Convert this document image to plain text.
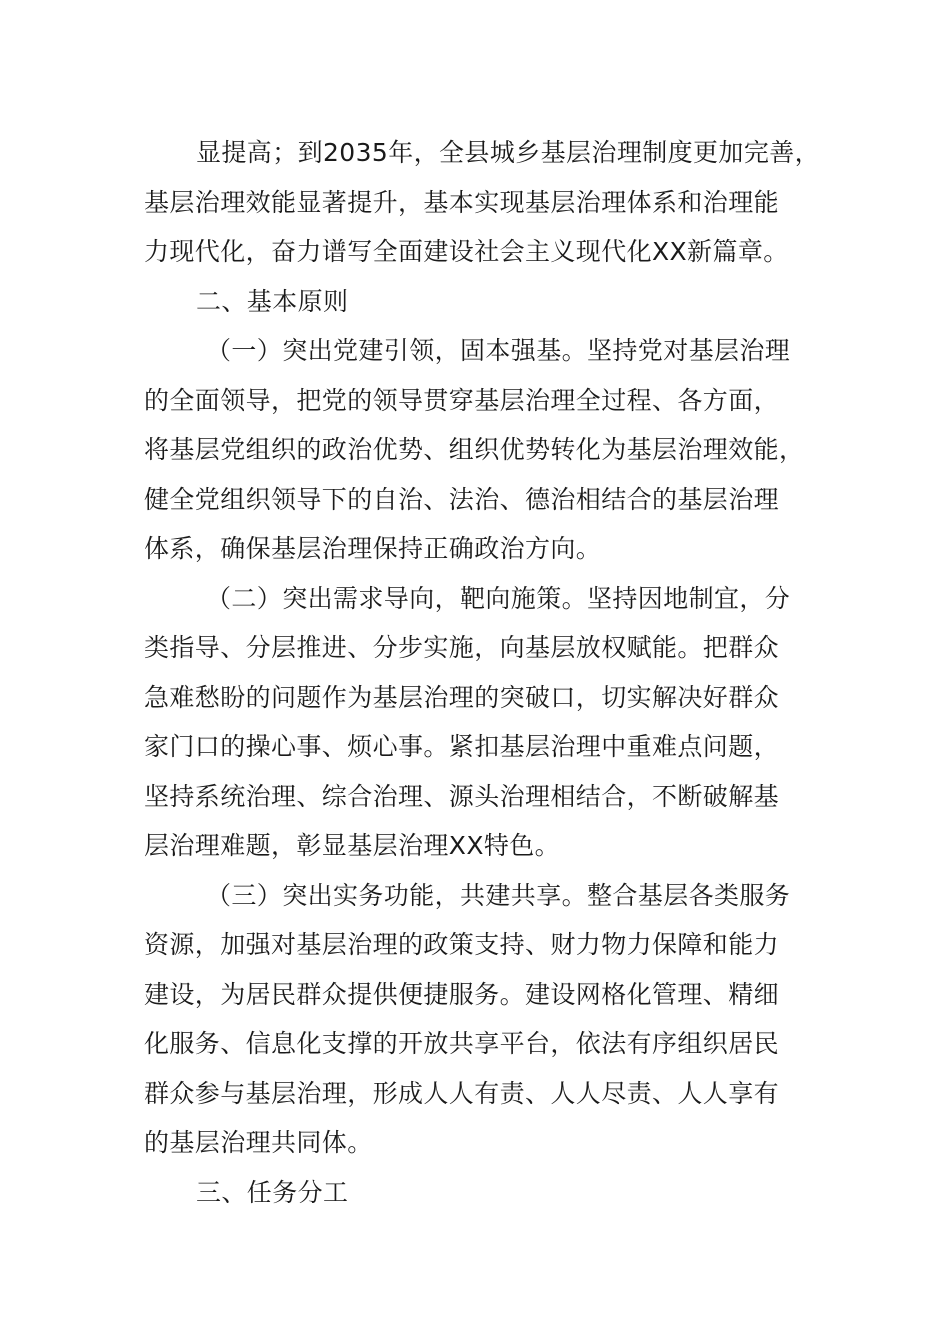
显提高；到2035年，全县城乡基层治理制度更加完善，
基层治理效能显著提升，基本实现基层治理体系和治理能
力现代化，奋力谱写全面建设社会主义现代化XX新篇章。
二、基本原则
（一）突出党建引领，固本强基。坚持党对基层治理
的全面领导，把党的领导贯穿基层治理全过程、各方面，
将基层党组织的政治优势、组织优势转化为基层治理效能，
健全党组织领导下的自治、法治、德治相结合的基层治理
体系，确保基层治理保持正确政治方向。
（二）突出需求导向，靶向施策。坚持因地制宜，分
类指导、分层推进、分步实施，向基层放权赋能。把群众
急难愁盼的问题作为基层治理的突破口，切实解决好群众
家门口的操心事、烦心事。紧扣基层治理中重难点问题，
坚持系统治理、综合治理、源头治理相结合，不断破解基
层治理难题，彰显基层治理XX特色。
（三）突出实务功能，共建共享。整合基层各类服务
资源，加强对基层治理的政策支持、财力物力保障和能力
建设，为居民群众提供便捷服务。建设网格化管理、精细
化服务、信息化支撑的开放共享平台，依法有序组织居民
群众参与基层治理，形成人人有责、人人尽责、人人享有
的基层治理共同体。
三、任务分工
